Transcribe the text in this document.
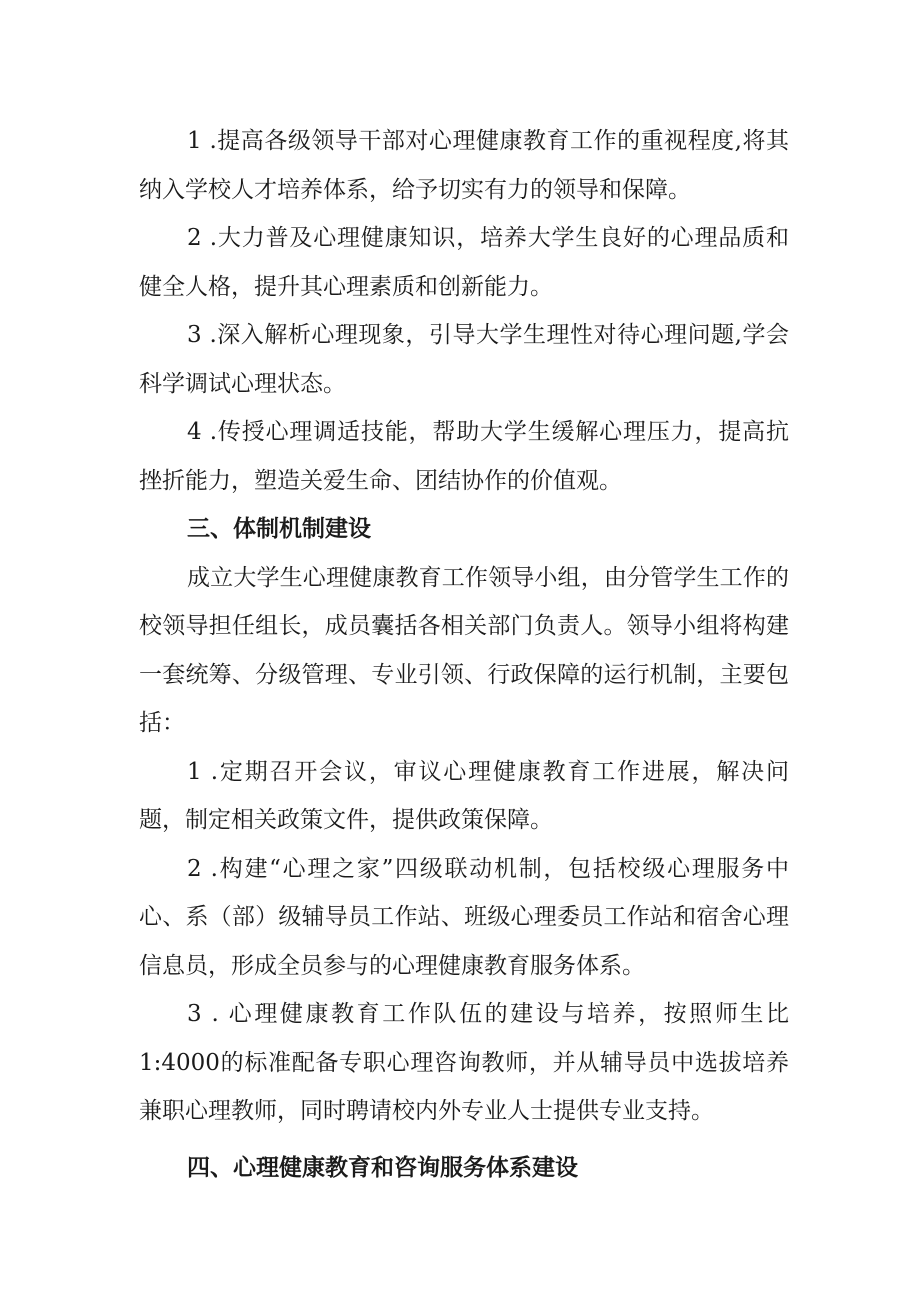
1 .提高各级领导干部对心理健康教育工作的重视程度,将其纳入学校人才培养体系，给予切实有力的领导和保障。

2 .大力普及心理健康知识，培养大学生良好的心理品质和健全人格，提升其心理素质和创新能力。

3 .深入解析心理现象，引导大学生理性对待心理问题,学会科学调试心理状态。

4 .传授心理调适技能，帮助大学生缓解心理压力，提高抗挫折能力，塑造关爱生命、团结协作的价值观。

三、体制机制建设

成立大学生心理健康教育工作领导小组，由分管学生工作的校领导担任组长，成员囊括各相关部门负责人。领导小组将构建一套统筹、分级管理、专业引领、行政保障的运行机制，主要包括：

1 .定期召开会议，审议心理健康教育工作进展，解决问题，制定相关政策文件，提供政策保障。

2 .构建“心理之家”四级联动机制，包括校级心理服务中心、系（部）级辅导员工作站、班级心理委员工作站和宿舍心理信息员，形成全员参与的心理健康教育服务体系。

3 . 心理健康教育工作队伍的建设与培养，按照师生比1:4000的标准配备专职心理咨询教师，并从辅导员中选拔培养兼职心理教师，同时聘请校内外专业人士提供专业支持。

四、心理健康教育和咨询服务体系建设
